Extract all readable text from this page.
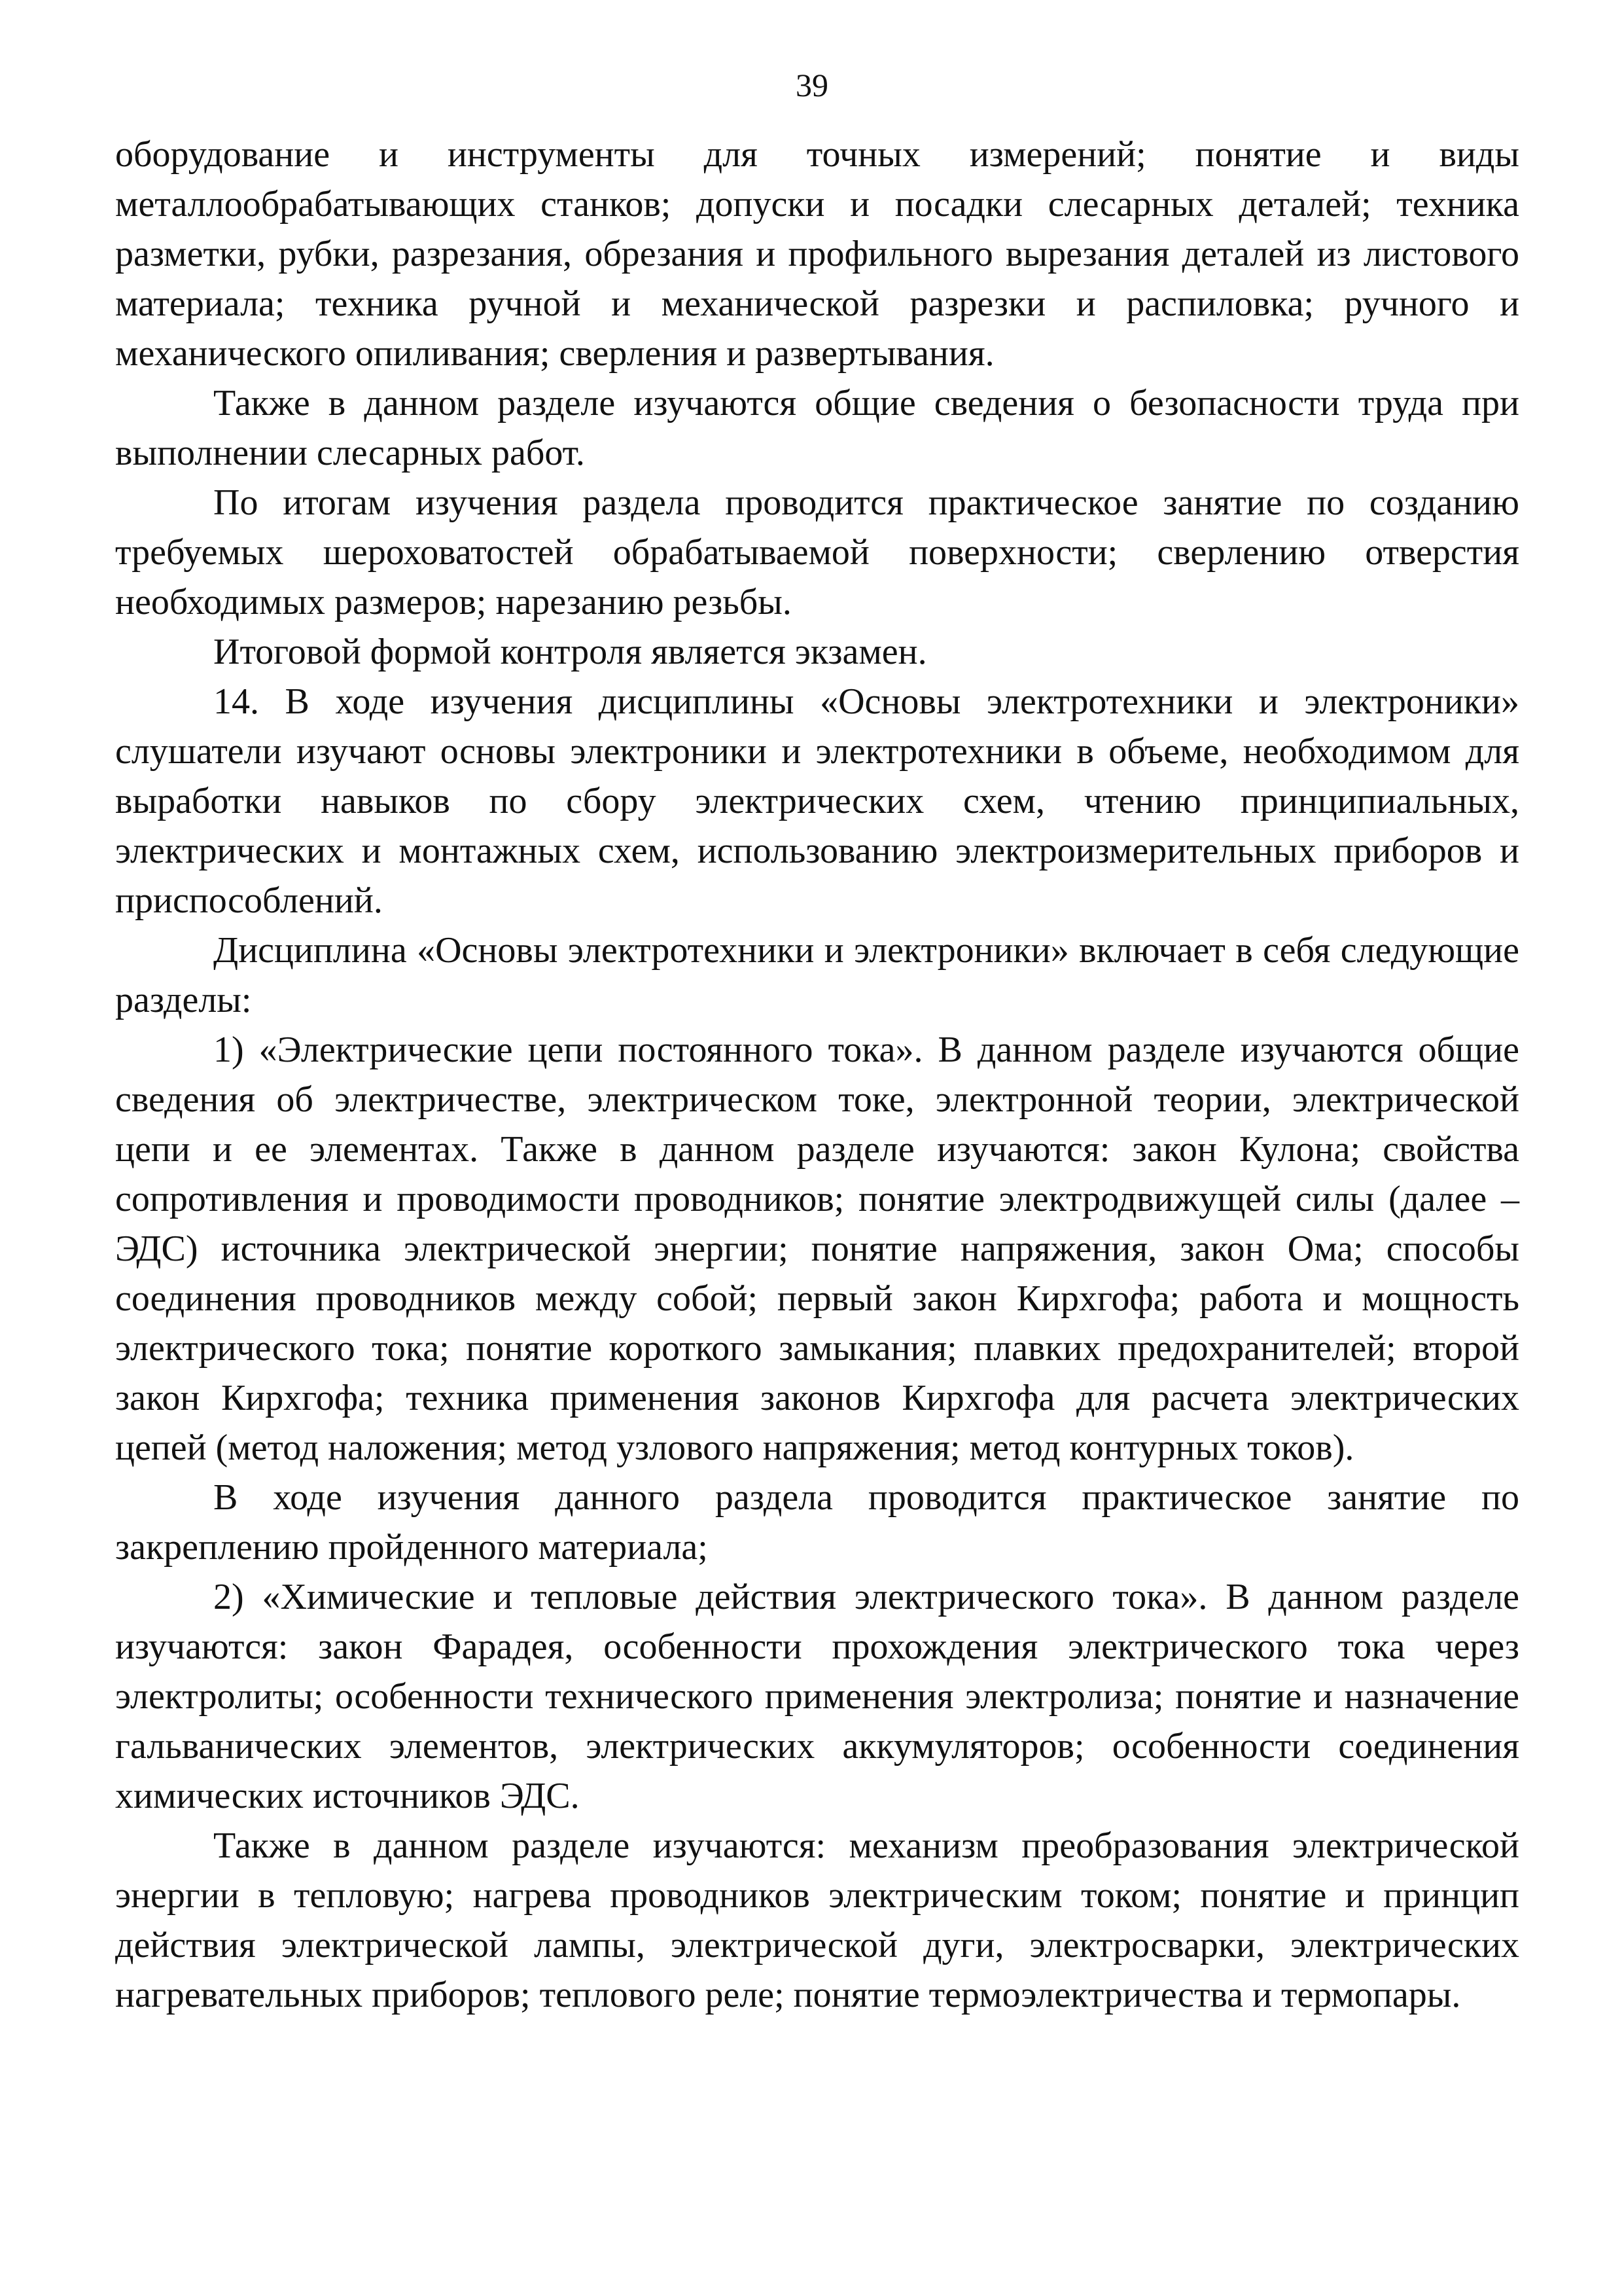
39

оборудование и инструменты для точных измерений; понятие и виды металлообрабатывающих станков; допуски и посадки слесарных деталей; техника разметки, рубки, разрезания, обрезания и профильного вырезания деталей из листового материала; техника ручной и механической разрезки и распиловка; ручного и механического опиливания; сверления и развертывания.

Также в данном разделе изучаются общие сведения о безопасности труда при выполнении слесарных работ.

По итогам изучения раздела проводится практическое занятие по созданию требуемых шероховатостей обрабатываемой поверхности; сверлению отверстия необходимых размеров; нарезанию резьбы.

Итоговой формой контроля является экзамен.

14. В ходе изучения дисциплины «Основы электротехники и электроники» слушатели изучают основы электроники и электротехники в объеме, необходимом для выработки навыков по сбору электрических схем, чтению принципиальных, электрических и монтажных схем, использованию электроизмерительных приборов и приспособлений.

Дисциплина «Основы электротехники и электроники» включает в себя следующие разделы:

1) «Электрические цепи постоянного тока». В данном разделе изучаются общие сведения об электричестве, электрическом токе, электронной теории, электрической цепи и ее элементах. Также в данном разделе изучаются: закон Кулона; свойства сопротивления и проводимости проводников; понятие электродвижущей силы (далее – ЭДС) источника электрической энергии; понятие напряжения, закон Ома; способы соединения проводников между собой; первый закон Кирхгофа; работа и мощность электрического тока; понятие короткого замыкания; плавких предохранителей; второй закон Кирхгофа; техника применения законов Кирхгофа для расчета электрических цепей (метод наложения; метод узлового напряжения; метод контурных токов).

В ходе изучения данного раздела проводится практическое занятие по закреплению пройденного материала;

2) «Химические и тепловые действия электрического тока». В данном разделе изучаются: закон Фарадея, особенности прохождения электрического тока через электролиты; особенности технического применения электролиза; понятие и назначение гальванических элементов, электрических аккумуляторов; особенности соединения химических источников ЭДС.

Также в данном разделе изучаются: механизм преобразования электрической энергии в тепловую; нагрева проводников электрическим током; понятие и принцип действия электрической лампы, электрической дуги, электросварки, электрических нагревательных приборов; теплового реле; понятие термоэлектричества и термопары.
